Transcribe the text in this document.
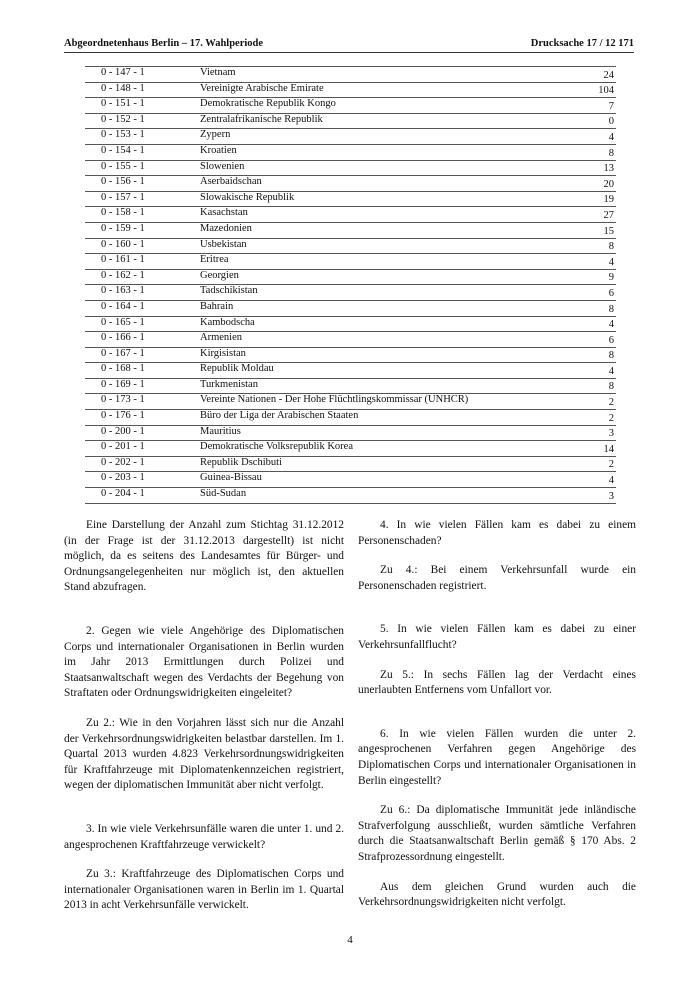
Abgeordnetenhaus Berlin – 17. Wahlperiode	Drucksache 17 / 12 171
0 - 147 - 1	Vietnam	24
0 - 148 - 1	Vereinigte Arabische Emirate	104
0 - 151 - 1	Demokratische Republik Kongo	7
0 - 152 - 1	Zentralafrikanische Republik	0
0 - 153 - 1	Zypern	4
0 - 154 - 1	Kroatien	8
0 - 155 - 1	Slowenien	13
0 - 156 - 1	Aserbaidschan	20
0 - 157 - 1	Slowakische Republik	19
0 - 158 - 1	Kasachstan	27
0 - 159 - 1	Mazedonien	15
0 - 160 - 1	Usbekistan	8
0 - 161 - 1	Eritrea	4
0 - 162 - 1	Georgien	9
0 - 163 - 1	Tadschikistan	6
0 - 164 - 1	Bahrain	8
0 - 165 - 1	Kambodscha	4
0 - 166 - 1	Armenien	6
0 - 167 - 1	Kirgisistan	8
0 - 168 - 1	Republik Moldau	4
0 - 169 - 1	Turkmenistan	8
0 - 173 - 1	Vereinte Nationen - Der Hohe Flüchtlingskommissar (UNHCR)	2
0 - 176 - 1	Büro der Liga der Arabischen Staaten	2
0 - 200 - 1	Mauritius	3
0 - 201 - 1	Demokratische Volksrepublik Korea	14
0 - 202 - 1	Republik Dschibuti	2
0 - 203 - 1	Guinea-Bissau	4
0 - 204 - 1	Süd-Sudan	3

Eine Darstellung der Anzahl zum Stichtag 31.12.2012 (in der Frage ist der 31.12.2013 dargestellt) ist nicht möglich, da es seitens des Landesamtes für Bürger- und Ordnungsangelegenheiten nur möglich ist, den aktuellen Stand abzufragen.

2. Gegen wie viele Angehörige des Diplomatischen Corps und internationaler Organisationen in Berlin wurden im Jahr 2013 Ermittlungen durch Polizei und Staatsanwaltschaft wegen des Verdachts der Begehung von Straftaten oder Ordnungswidrigkeiten eingeleitet?

Zu 2.: Wie in den Vorjahren lässt sich nur die Anzahl der Verkehrsordnungswidrigkeiten belastbar darstellen. Im 1. Quartal 2013 wurden 4.823 Verkehrsordnungswidrigkeiten für Kraftfahrzeuge mit Diplomatenkennzeichen registriert, wegen der diplomatischen Immunität aber nicht verfolgt.

3. In wie viele Verkehrsunfälle waren die unter 1. und 2. angesprochenen Kraftfahrzeuge verwickelt?

Zu 3.: Kraftfahrzeuge des Diplomatischen Corps und internationaler Organisationen waren in Berlin im 1. Quartal 2013 in acht Verkehrsunfälle verwickelt.

4. In wie vielen Fällen kam es dabei zu einem Personenschaden?

Zu 4.: Bei einem Verkehrsunfall wurde ein Personenschaden registriert.

5. In wie vielen Fällen kam es dabei zu einer Verkehrsunfallflucht?

Zu 5.: In sechs Fällen lag der Verdacht eines unerlaubten Entfernens vom Unfallort vor.

6. In wie vielen Fällen wurden die unter 2. angesprochenen Verfahren gegen Angehörige des Diplomatischen Corps und internationaler Organisationen in Berlin eingestellt?

Zu 6.: Da diplomatische Immunität jede inländische Strafverfolgung ausschließt, wurden sämtliche Verfahren durch die Staatsanwaltschaft Berlin gemäß § 170 Abs. 2 Strafprozessordnung eingestellt.

Aus dem gleichen Grund wurden auch die Verkehrsordnungswidrigkeiten nicht verfolgt.

4
